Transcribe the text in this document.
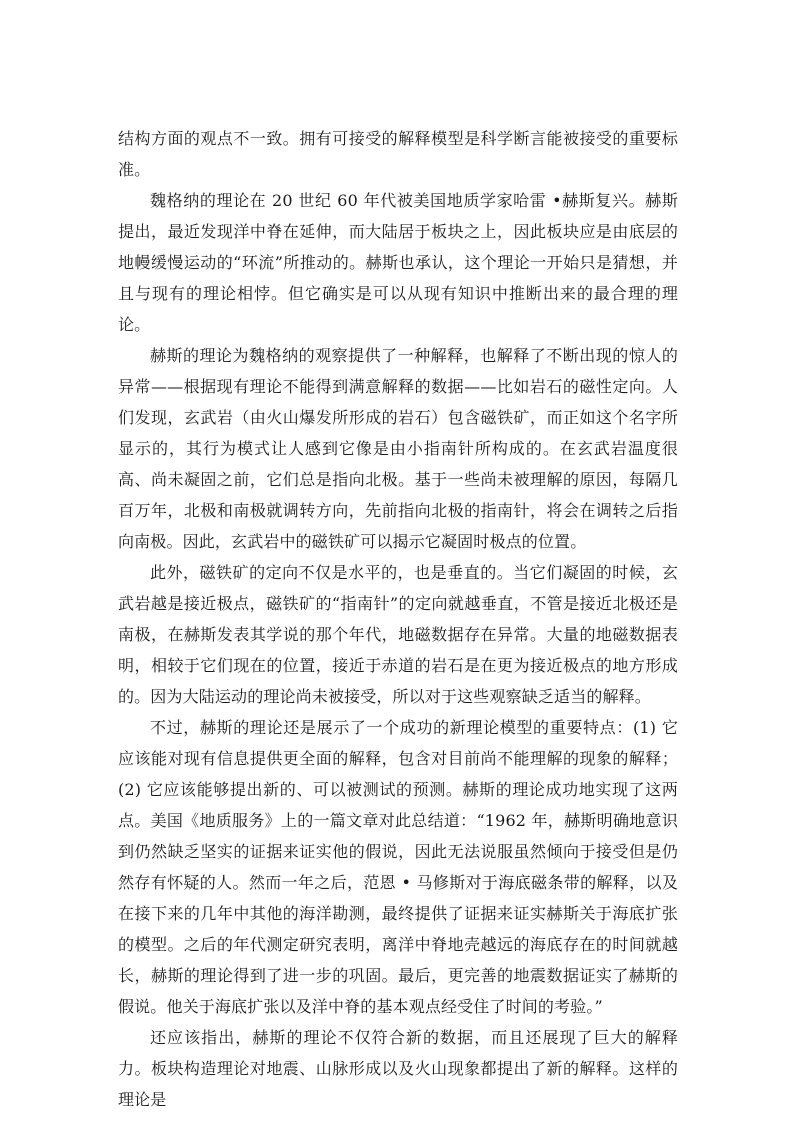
结构方面的观点不一致。拥有可接受的解释模型是科学断言能被接受的重要标准。

魏格纳的理论在 20 世纪 60 年代被美国地质学家哈雷 •赫斯复兴。赫斯提出，最近发现洋中脊在延伸，而大陆居于板块之上，因此板块应是由底层的地幔缓慢运动的“环流”所推动的。赫斯也承认，这个理论一开始只是猜想，并且与现有的理论相悖。但它确实是可以从现有知识中推断出来的最合理的理论。

赫斯的理论为魏格纳的观察提供了一种解释，也解释了不断出现的惊人的异常——根据现有理论不能得到满意解释的数据——比如岩石的磁性定向。人们发现，玄武岩（由火山爆发所形成的岩石）包含磁铁矿，而正如这个名字所显示的，其行为模式让人感到它像是由小指南针所构成的。在玄武岩温度很高、尚未凝固之前，它们总是指向北极。基于一些尚未被理解的原因，每隔几百万年，北极和南极就调转方向，先前指向北极的指南针，将会在调转之后指向南极。因此，玄武岩中的磁铁矿可以揭示它凝固时极点的位置。

此外，磁铁矿的定向不仅是水平的，也是垂直的。当它们凝固的时候，玄武岩越是接近极点，磁铁矿的“指南针”的定向就越垂直，不管是接近北极还是南极，在赫斯发表其学说的那个年代，地磁数据存在异常。大量的地磁数据表明，相较于它们现在的位置，接近于赤道的岩石是在更为接近极点的地方形成的。因为大陆运动的理论尚未被接受，所以对于这些观察缺乏适当的解释。

不过，赫斯的理论还是展示了一个成功的新理论模型的重要特点：(1) 它应该能对现有信息提供更全面的解释，包含对目前尚不能理解的现象的解释；(2) 它应该能够提出新的、可以被测试的预测。赫斯的理论成功地实现了这两点。美国《地质服务》上的一篇文章对此总结道：“1962 年，赫斯明确地意识到仍然缺乏坚实的证据来证实他的假说，因此无法说服虽然倾向于接受但是仍然存有怀疑的人。然而一年之后，范恩 • 马修斯对于海底磁条带的解释，以及在接下来的几年中其他的海洋勘测，最终提供了证据来证实赫斯关于海底扩张的模型。之后的年代测定研究表明，离洋中脊地壳越远的海底存在的时间就越长，赫斯的理论得到了进一步的巩固。最后，更完善的地震数据证实了赫斯的假说。他关于海底扩张以及洋中脊的基本观点经受住了时间的考验。”

还应该指出，赫斯的理论不仅符合新的数据，而且还展现了巨大的解释力。板块构造理论对地震、山脉形成以及火山现象都提出了新的解释。这样的理论是
